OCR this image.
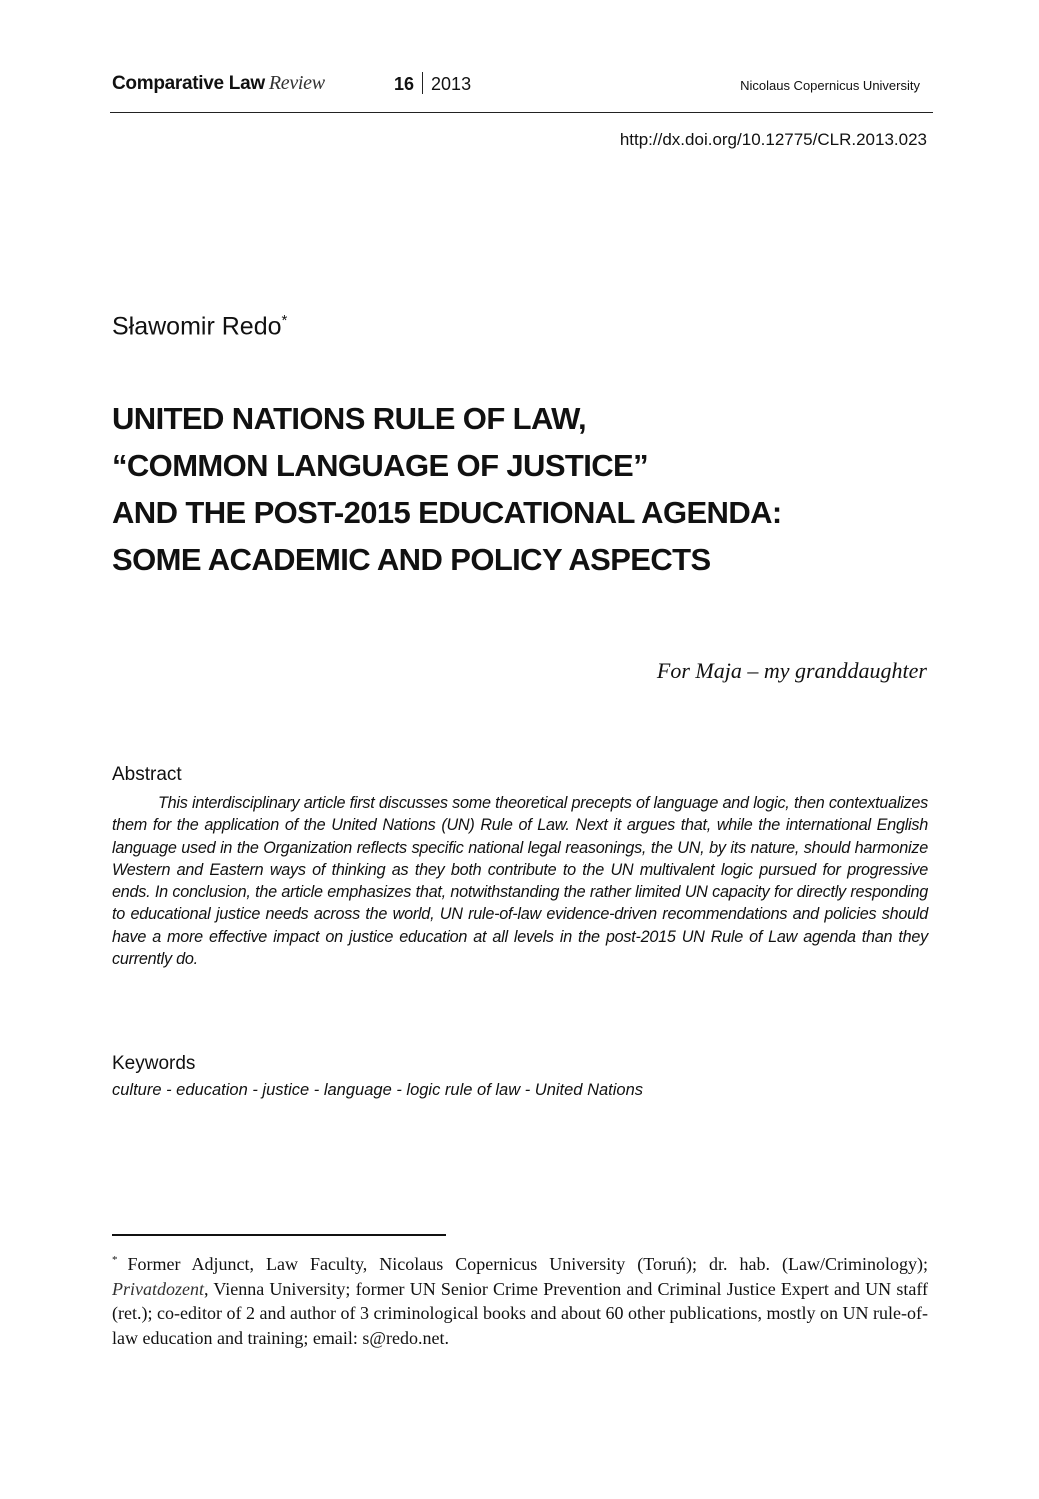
Comparative Law Review	16 2013	Nicolaus Copernicus University
http://dx.doi.org/10.12775/CLR.2013.023
Sławomir Redo*
UNITED NATIONS RULE OF LAW,
“COMMON LANGUAGE OF JUSTICE”
AND THE POST-2015 EDUCATIONAL AGENDA:
SOME ACADEMIC AND POLICY ASPECTS
For Maja – my granddaughter
Abstract
This interdisciplinary article first discusses some theoretical precepts of language and logic, then contextualizes them for the application of the United Nations (UN) Rule of Law. Next it argues that, while the international English language used in the Organization reflects specific national legal reasonings, the UN, by its nature, should harmonize Western and Eastern ways of thinking as they both contribute to the UN multivalent logic pursued for progressive ends. In conclusion, the article emphasizes that, notwithstanding the rather limited UN capacity for directly responding to educational justice needs across the world, UN rule-of-law evidence-driven recommendations and policies should have a more effective impact on justice education at all levels in the post-2015 UN Rule of Law agenda than they currently do.
Keywords
culture - education - justice - language - logic rule of law - United Nations
* Former Adjunct, Law Faculty, Nicolaus Copernicus University (Toruń); dr. hab. (Law/Criminology); Privatdozent, Vienna University; former UN Senior Crime Prevention and Criminal Justice Expert and UN staff (ret.); co-editor of 2 and author of 3 criminological books and about 60 other publications, mostly on UN rule-of-law education and training; email: s@redo.net.
